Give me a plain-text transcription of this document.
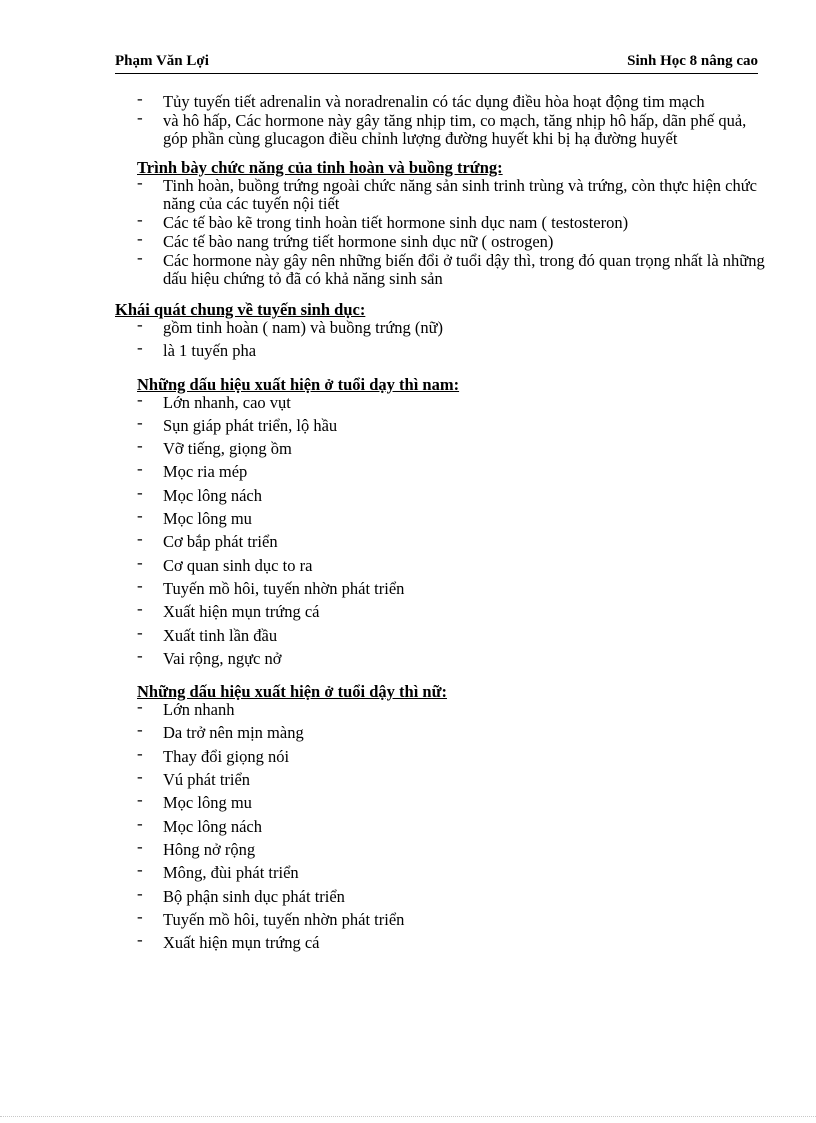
Phạm Văn Lợi	Sinh Học 8 nâng cao
- Tủy tuyến tiết adrenalin và noradrenalin có tác dụng điều hòa hoạt động tim mạch
- và hô hấp, Các hormone này gây tăng nhịp tim, co mạch, tăng nhịp hô hấp, dãn phế quả, góp phần cùng glucagon điều chỉnh lượng đường huyết khi bị hạ đường huyết

Trình bày chức năng của tinh hoàn và buồng trứng:

- Tinh hoàn, buồng trứng ngoài chức năng sản sinh trinh trùng và trứng, còn thực hiện chức năng của các tuyến nội tiết
- Các tế bào kẽ trong tinh hoàn tiết hormone sinh dục nam ( testosteron)
- Các tế bào nang trứng tiết hormone sinh dục nữ ( ostrogen)
- Các hormone này gây nên những biến đổi ở tuổi dậy thì, trong đó quan trọng nhất là những dấu hiệu chứng tỏ đã có khả năng sinh sản

Khái quát chung về tuyến sinh dục:

- gồm tinh hoàn ( nam) và buồng trứng (nữ)
- là 1 tuyến pha

Những dấu hiệu xuất hiện ở tuổi dạy thì nam:

- Lớn nhanh, cao vụt
- Sụn giáp phát triển, lộ hầu
- Vỡ tiếng, giọng ồm
- Mọc ria mép
- Mọc lông nách
- Mọc lông mu
- Cơ bắp phát triển
- Cơ quan sinh dục to ra
- Tuyến mồ hôi, tuyến nhờn phát triển
- Xuất hiện mụn trứng cá
- Xuất tinh lần đầu
- Vai rộng, ngực nở

Những dấu hiệu xuất hiện ở tuổi dậy thì nữ:

- Lớn nhanh
- Da trở nên mịn màng
- Thay đổi giọng nói
- Vú phát triển
- Mọc lông mu
- Mọc lông nách
- Hông nở rộng
- Mông, đùi phát triển
- Bộ phận sinh dục phát triển
- Tuyến mồ hôi, tuyến nhờn phát triển
- Xuất hiện mụn trứng cá
